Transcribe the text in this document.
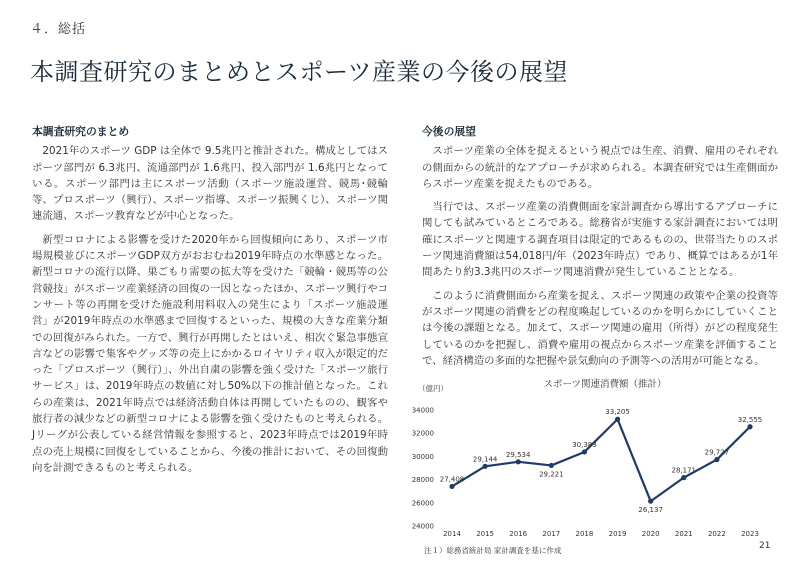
４．総括
本調査研究のまとめとスポーツ産業の今後の展望
本調査研究のまとめ

2021年のスポーツ GDP は全体で 9.5兆円と推計された。構成としてはスポーツ部門が 6.3兆円、流通部門が 1.6兆円、投入部門が 1.6兆円となっている。スポーツ部門は主にスポーツ活動（スポーツ施設運営、競馬･競輪等、プロスポーツ（興行）、スポーツ指導、スポーツ振興くじ）、スポーツ関連流通、スポーツ教育などが中心となった。

新型コロナによる影響を受けた2020年から回復傾向にあり、スポーツ市場規模並びにスポーツGDP双方がおおむね2019年時点の水準感となった。新型コロナの流行以降、巣ごもり需要の拡大等を受けた「競輪・競馬等の公営競技」がスポーツ産業経済の回復の一因となったほか、スポーツ興行やコンサート等の再開を受けた施設利用料収入の発生により「スポーツ施設運営」が2019年時点の水準感まで回復するといった、規模の大きな産業分類での回復がみられた。一方で、興行が再開したとはいえ、相次ぐ緊急事態宣言などの影響で集客やグッズ等の売上にかかるロイヤリティ収入が限定的だった「プロスポーツ（興行）」、外出自粛の影響を強く受けた「スポーツ旅行サービス」は、2019年時点の数値に対し50%以下の推計値となった。これらの産業は、2021年時点では経済活動自体は再開していたものの、観客や旅行者の減少などの新型コロナによる影響を強く受けたものと考えられる。Jリーグが公表している経営情報を参照すると、2023年時点では2019年時点の売上規模に回復をしていることから、今後の推計において、その回復動向を計測できるものと考えられる。

今後の展望

スポーツ産業の全体を捉えるという視点では生産、消費、雇用のそれぞれの側面からの統計的なアプローチが求められる。本調査研究では生産側面からスポーツ産業を捉えたものである。

当行では、スポーツ産業の消費側面を家計調査から導出するアプローチに関しても試みているところである。総務省が実施する家計調査においては明確にスポーツと関連する調査項目は限定的であるものの、世帯当たりのスポーツ関連消費額は54,018円/年（2023年時点）であり、概算ではあるが1年間あたり約3.3兆円のスポーツ関連消費が発生していることとなる。

このように消費側面から産業を捉え、スポーツ関連の政策や企業の投資等がスポーツ関連の消費をどの程度喚起しているのかを明らかにしていくことは今後の課題となる。加えて、スポーツ関連の雇用（所得）がどの程度発生しているのかを把握し、消費や雇用の視点からスポーツ産業を評価することで、経済構造の多面的な把握や景気動向の予測等への活用が可能となる。

スポーツ関連消費額（推計）
（億円）
24000
26000
28000
30000
32000
34000
2014 2015 2016 2017 2018 2019 2020 2021 2022 2023
27,408
29,144
29,534
29,221
30,383
33,205
26,137
28,171
29,727
32,555
注１）総務省統計局 家計調査を基に作成	21
